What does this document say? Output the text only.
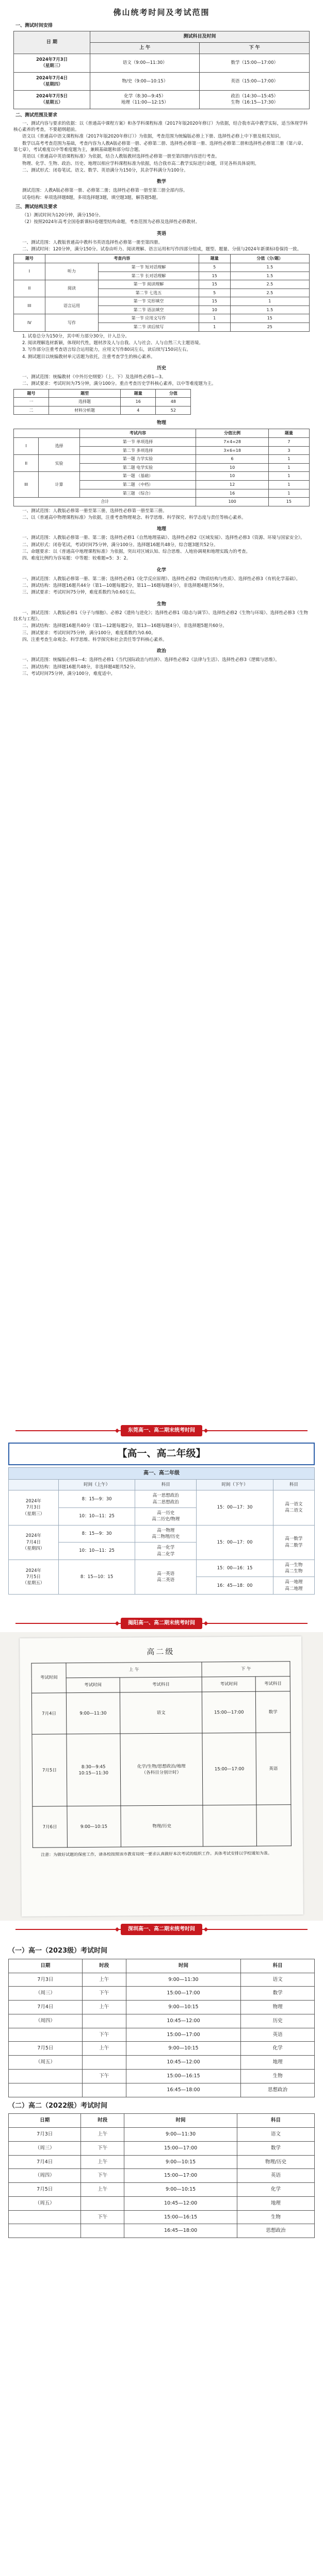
佛山统考时间及考试范围
一、测试时间安排
日 期	测试科目及时间	
	上 午	下 午
2024年7月3日
（星期三）	语文（9:00—11:30）	数学（15:00—17:00）
2024年7月4日
（星期四）	物/史（9:00—10:15）	英语（15:00—17:00）
2024年7月5日
（星期五）	化学（8:30—9:45）
地理（11:00—12:15）	政治（14:30—15:45）
生物（16:15—17:30）
二、测试范围及要求

一、测试内容与要求的依据：以《普通高中课程方案》和各学科课程标准（2017年版2020年修订）为依据，结合我市高中教学实际，适当体现学科核心素养的考查，不要超纲超前。

语文以《普通高中语文课程标准（2017年版2020年修订）》为依据，考查范围为统编版必修上下册、选择性必修上中下册及相关知识。

数学以高考考查范围为基础，考查内容为人教A版必修第一册、必修第二册、选择性必修第一册、选择性必修第二册和选择性必修第三册（第六章、第七章），考试难度以中等难度题为主，兼顾基础题和部分综合题。

英语以《普通高中英语课程标准》为依据，结合人教版教材选择性必修第一册至第四册内容进行考查。

物理、化学、生物、政治、历史、地理以相应学科课程标准为依据，结合我市高二教学实际进行命题，详见各科具体说明。

二、测试形式：闭卷笔试。语文、数学、英语满分为150分，其余学科满分为100分。

数学

测试范围：人教A版必修第一册、必修第二册；选择性必修第一册至第三册全部内容。

试卷结构：单项选择题8题，多项选择题3题，填空题3题，解答题5题。

三、测试结构及要求

（1）测试时间为120分钟，满分150分。

（2）按照2024年高考全国卷新课标Ⅰ卷题型结构命题，考查范围为必修及选择性必修教材。

英语

一、测试范围：人教版普通高中教科书英语选择性必修第一册至第四册。

二、测试时间：120分钟，满分150分。试卷由听力、阅读理解、语言运用和写作四部分组成，题型、题量、分值与2024年新课标Ⅰ卷保持一致。

题号	考查内容		题量	分值（分/题）
I	听力	第一节 短对话理解	5	1.5
		第二节 长对话理解	15	1.5
II	阅读	第一节 阅读理解	15	2.5
		第二节 七选五	5	2.5
III	语言运用	第一节 完形填空	15	1
		第二节 语法填空	10	1.5
IV	写作	第一节 应用文写作	1	15
		第二节 读后续写	1	25

1. 试卷总分为150分，其中听力部分30分，计入总分。

2. 阅读理解选材新颖，体现时代性，题材涉及人与自我、人与社会、人与自然三大主题语境。

3. 写作部分注重考查语言综合运用能力，应用文写作80词左右，读后续写150词左右。

4. 测试题目以统编教材单元话题为依托，注重考查学生的核心素养。

历史

一、测试范围：统编教材《中外历史纲要》（上、下）及选择性必修1—3。

二、测试要求：考试时间为75分钟，满分100分。重点考查历史学科核心素养，以中等难度题为主。

题号	题型	题量	分值
一	选择题	16	48
二	材料分析题	4	52
物理
		考试内容	分值比例	题量
I	选择	第一节 单项选择	7×4=28	7
		第二节 多项选择	3×6=18	3
II	实验	第一题 力学实验	6	1
		第二题 电学实验	10	1
III	计算	第一题 （基础）	10	1
		第二题 （中档）	12	1
		第三题 （综合）	16	1
合计			100	15

一、测试范围：人教版必修第一册至第三册，选择性必修第一册至第三册。

二、以《普通高中物理课程标准》为依据，注重考查物理观念、科学思维、科学探究、科学态度与责任等核心素养。

地理

一、测试范围：人教版必修第一册、第二册；选择性必修1《自然地理基础》、选择性必修2《区域发展》、选择性必修3《资源、环境与国家安全》。

二、测试形式：闭卷笔试，考试时间75分钟，满分100分。选择题16题共48分，综合题3题共52分。

三、命题要求：以《普通高中地理课程标准》为依据，突出对区域认知、综合思维、人地协调观和地理实践力的考查。

四、难度比例约为容易题：中等题：较难题=5：3：2。

化学

一、测试范围：人教版必修第一册、第二册；选择性必修1《化学反应原理》、选择性必修2《物质结构与性质》、选择性必修3《有机化学基础》。

二、测试结构：选择题16题共44分（第1—10题每题2分，第11—16题每题4分），非选择题4题共56分。

三、测试要求：考试时间75分钟，难度系数约为0.60左右。

生物

一、测试范围：人教版必修1《分子与细胞》、必修2《遗传与进化》；选择性必修1《稳态与调节》、选择性必修2《生物与环境》、选择性必修3《生物技术与工程》。

二、测试结构：选择题16题共40分（第1—12题每题2分，第13—16题每题4分），非选择题5题共60分。

三、测试要求：考试时间75分钟，满分100分，难度系数约为0.60。

四、注重考查生命观念、科学思维、科学探究和社会责任等学科核心素养。

政治

一、测试范围：统编版必修1—4；选择性必修1《当代国际政治与经济》、选择性必修2《法律与生活》、选择性必修3《逻辑与思维》。

二、测试结构：选择题16题共48分，非选择题4题共52分。

三、考试时间75分钟，满分100分，难度适中。

东莞高一、高二期末统考时间
【高一、高二年级】
高一、高二年级				
	时间（上午）	科目	时间（下午）	科目
2024年
7月3日
（星期三）	8：15—9：30	高一思想政治
高二思想政治	15：00—17：30	高一语文
高二语文
	10：10—11：25	高一历史
高二历史/物理		
2024年
7月4日
（星期四）	8：15—9：30	高一物理
高二物理/历史	15：00—17：00	高一数学
高二数学
	10：10—11：25	高一化学
高二化学		
2024年
7月5日
（星期五）	8：15—10：15	高一英语
高二英语	15：00—16：15	高一生物
高二生物
			16：45—18：00	高一地理
高二地理
揭阳高一、高二期末统考时间
高二级
考试时间	上 午		下 午	
	考试时间	考试科目	考试时间	考试科目
7月4日	9:00—11:30	语文	15:00—17:00	数学
7月5日	8:30—9:45
10:15—11:30	化学/生物/思想政治/地理
（各科目分别计时）	15:00—17:00	英语
7月6日	9:00—10:15	物理/历史		
注意：为做好试题的保密工作，请各校按照该市教育局统一要求认真做好本次考试的组织工作。具体考试安排以学校通知为准。
深圳高一、高二期末统考时间
（一）高一（2023级）考试时间
日期	时段	时间	科目
7月3日	上午	9:00—11:30	语文
（周三）	下午	15:00—17:00	数学
7月4日	上午	9:00—10:15	物理
（周四）		10:45—12:00	历史
	下午	15:00—17:00	英语
7月5日	上午	9:00—10:15	化学
（周五）		10:45—12:00	地理
	下午	15:00—16:15	生物
		16:45—18:00	思想政治
（二）高二（2022级）考试时间
日期	时段	时间	科目
7月3日	上午	9:00—11:30	语文
（周三）	下午	15:00—17:00	数学
7月4日	上午	9:00—10:15	物理/历史
（周四）	下午	15:00—17:00	英语
7月5日	上午	9:00—10:15	化学
（周五）		10:45—12:00	地理
	下午	15:00—16:15	生物
		16:45—18:00	思想政治
